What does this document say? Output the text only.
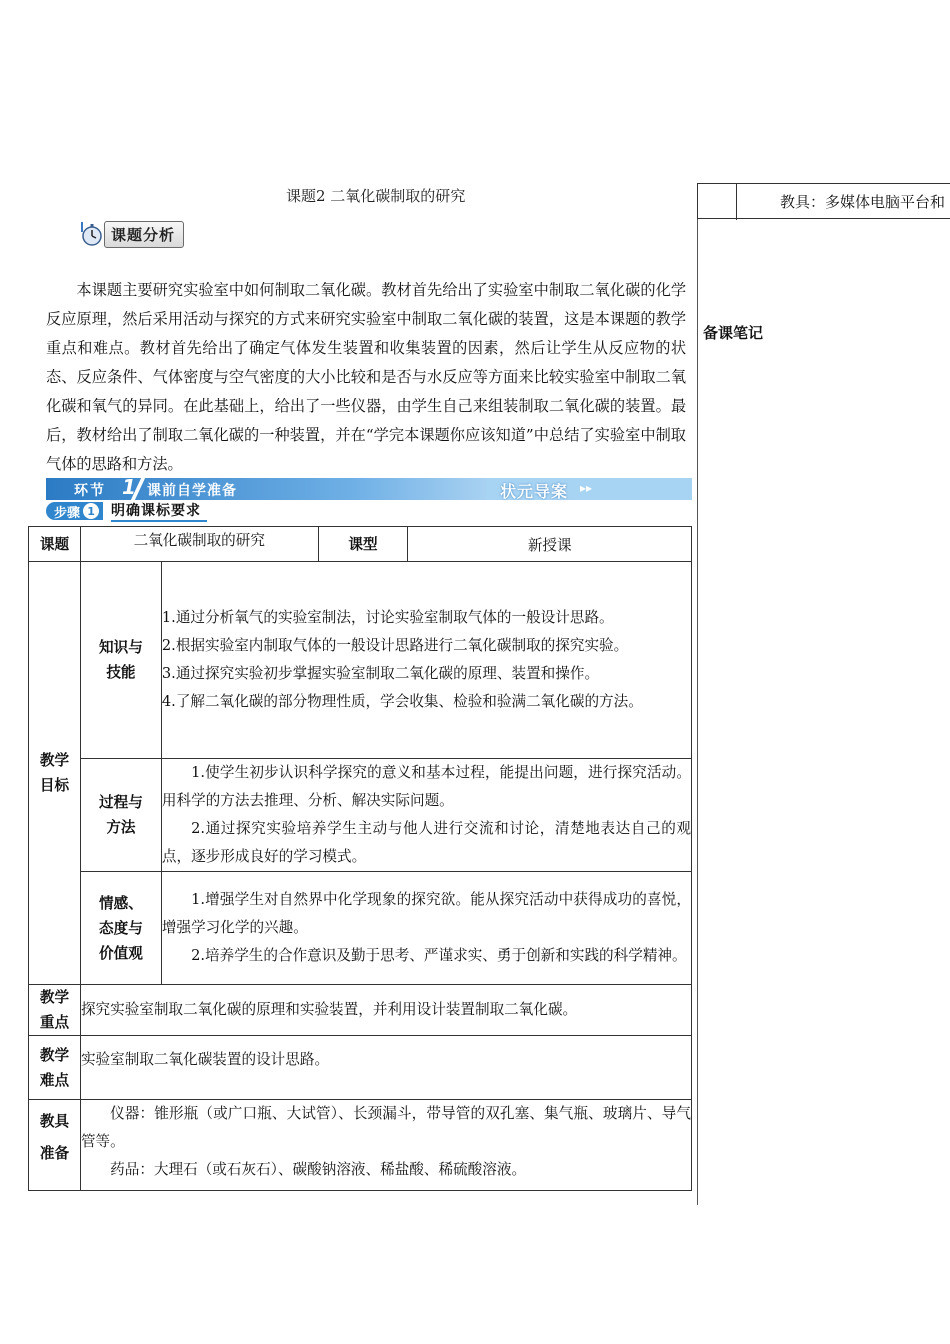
课题2 二氧化碳制取的研究
课题分析

本课题主要研究实验室中如何制取二氧化碳。教材首先给出了实验室中制取二氧化碳的化学反应原理，然后采用活动与探究的方式来研究实验室中制取二氧化碳的装置，这是本课题的教学重点和难点。教材首先给出了确定气体发生装置和收集装置的因素，然后让学生从反应物的状态、反应条件、气体密度与空气密度的大小比较和是否与水反应等方面来比较实验室中制取二氧化碳和氧气的异同。在此基础上，给出了一些仪器，由学生自己来组装制取二氧化碳的装置。最后，教材给出了制取二氧化碳的一种装置，并在“学完本课题你应该知道”中总结了实验室中制取气体的思路和方法。

环节 1 课前自学准备	状元导案 ▸▸
步骤 1 明确课标要求
课题	二氧化碳制取的研究		课型	新授课
教学目标	知识与技能	1.通过分析氧气的实验室制法，讨论实验室制取气体的一般设计思路。
2.根据实验室内制取气体的一般设计思路进行二氧化碳制取的探究实验。
3.通过探究实验初步掌握实验室制取二氧化碳的原理、装置和操作。
4.了解二氧化碳的部分物理性质，学会收集、检验和验满二氧化碳的方法。		

	过程与方法	1.使学生初步认识科学探究的意义和基本过程，能提出问题，进行探究活动。用科学的方法去推理、分析、解决实际问题。
2.通过探究实验培养学生主动与他人进行交流和讨论，清楚地表达自己的观点，逐步形成良好的学习模式。		

	情感、态度与价值观	1.增强学生对自然界中化学现象的探究欲。能从探究活动中获得成功的喜悦，增强学习化学的兴趣。
2.培养学生的合作意识及勤于思考、严谨求实、勇于创新和实践的科学精神。		

教学重点	探究实验室制取二氧化碳的原理和实验装置，并利用设计装置制取二氧化碳。			
教学难点	实验室制取二氧化碳装置的设计思路。			
教具准备	仪器：锥形瓶（或广口瓶、大试管）、长颈漏斗，带导管的双孔塞、集气瓶、玻璃片、导气管等。
药品：大理石（或石灰石）、碳酸钠溶液、稀盐酸、稀硫酸溶液。			
教具：多媒体电脑平台和
备课笔记
